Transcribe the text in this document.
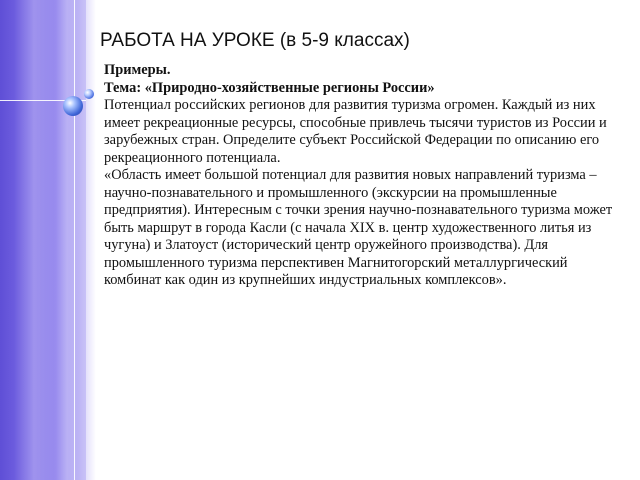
РАБОТА НА УРОКЕ (в 5-9 классах)

Примеры.

Тема: «Природно-хозяйственные регионы России»

Потенциал российских регионов для развития туризма огромен. Каждый из них имеет рекреационные ресурсы, способные привлечь тысячи туристов из России и зарубежных стран. Определите субъект Российской Федерации по описанию его рекреационного потенциала.

«Область имеет большой потенциал для развития новых направлений туризма – научно-познавательного и промышленного (экскурсии на промышленные предприятия). Интересным с точки зрения научно-познавательного туризма может быть маршрут в города Касли (с начала XIX в. центр художественного литья из чугуна) и Златоуст (исторический центр оружейного производства). Для промышленного туризма перспективен Магнитогорский металлургический комбинат как один из крупнейших индустриальных комплексов».
